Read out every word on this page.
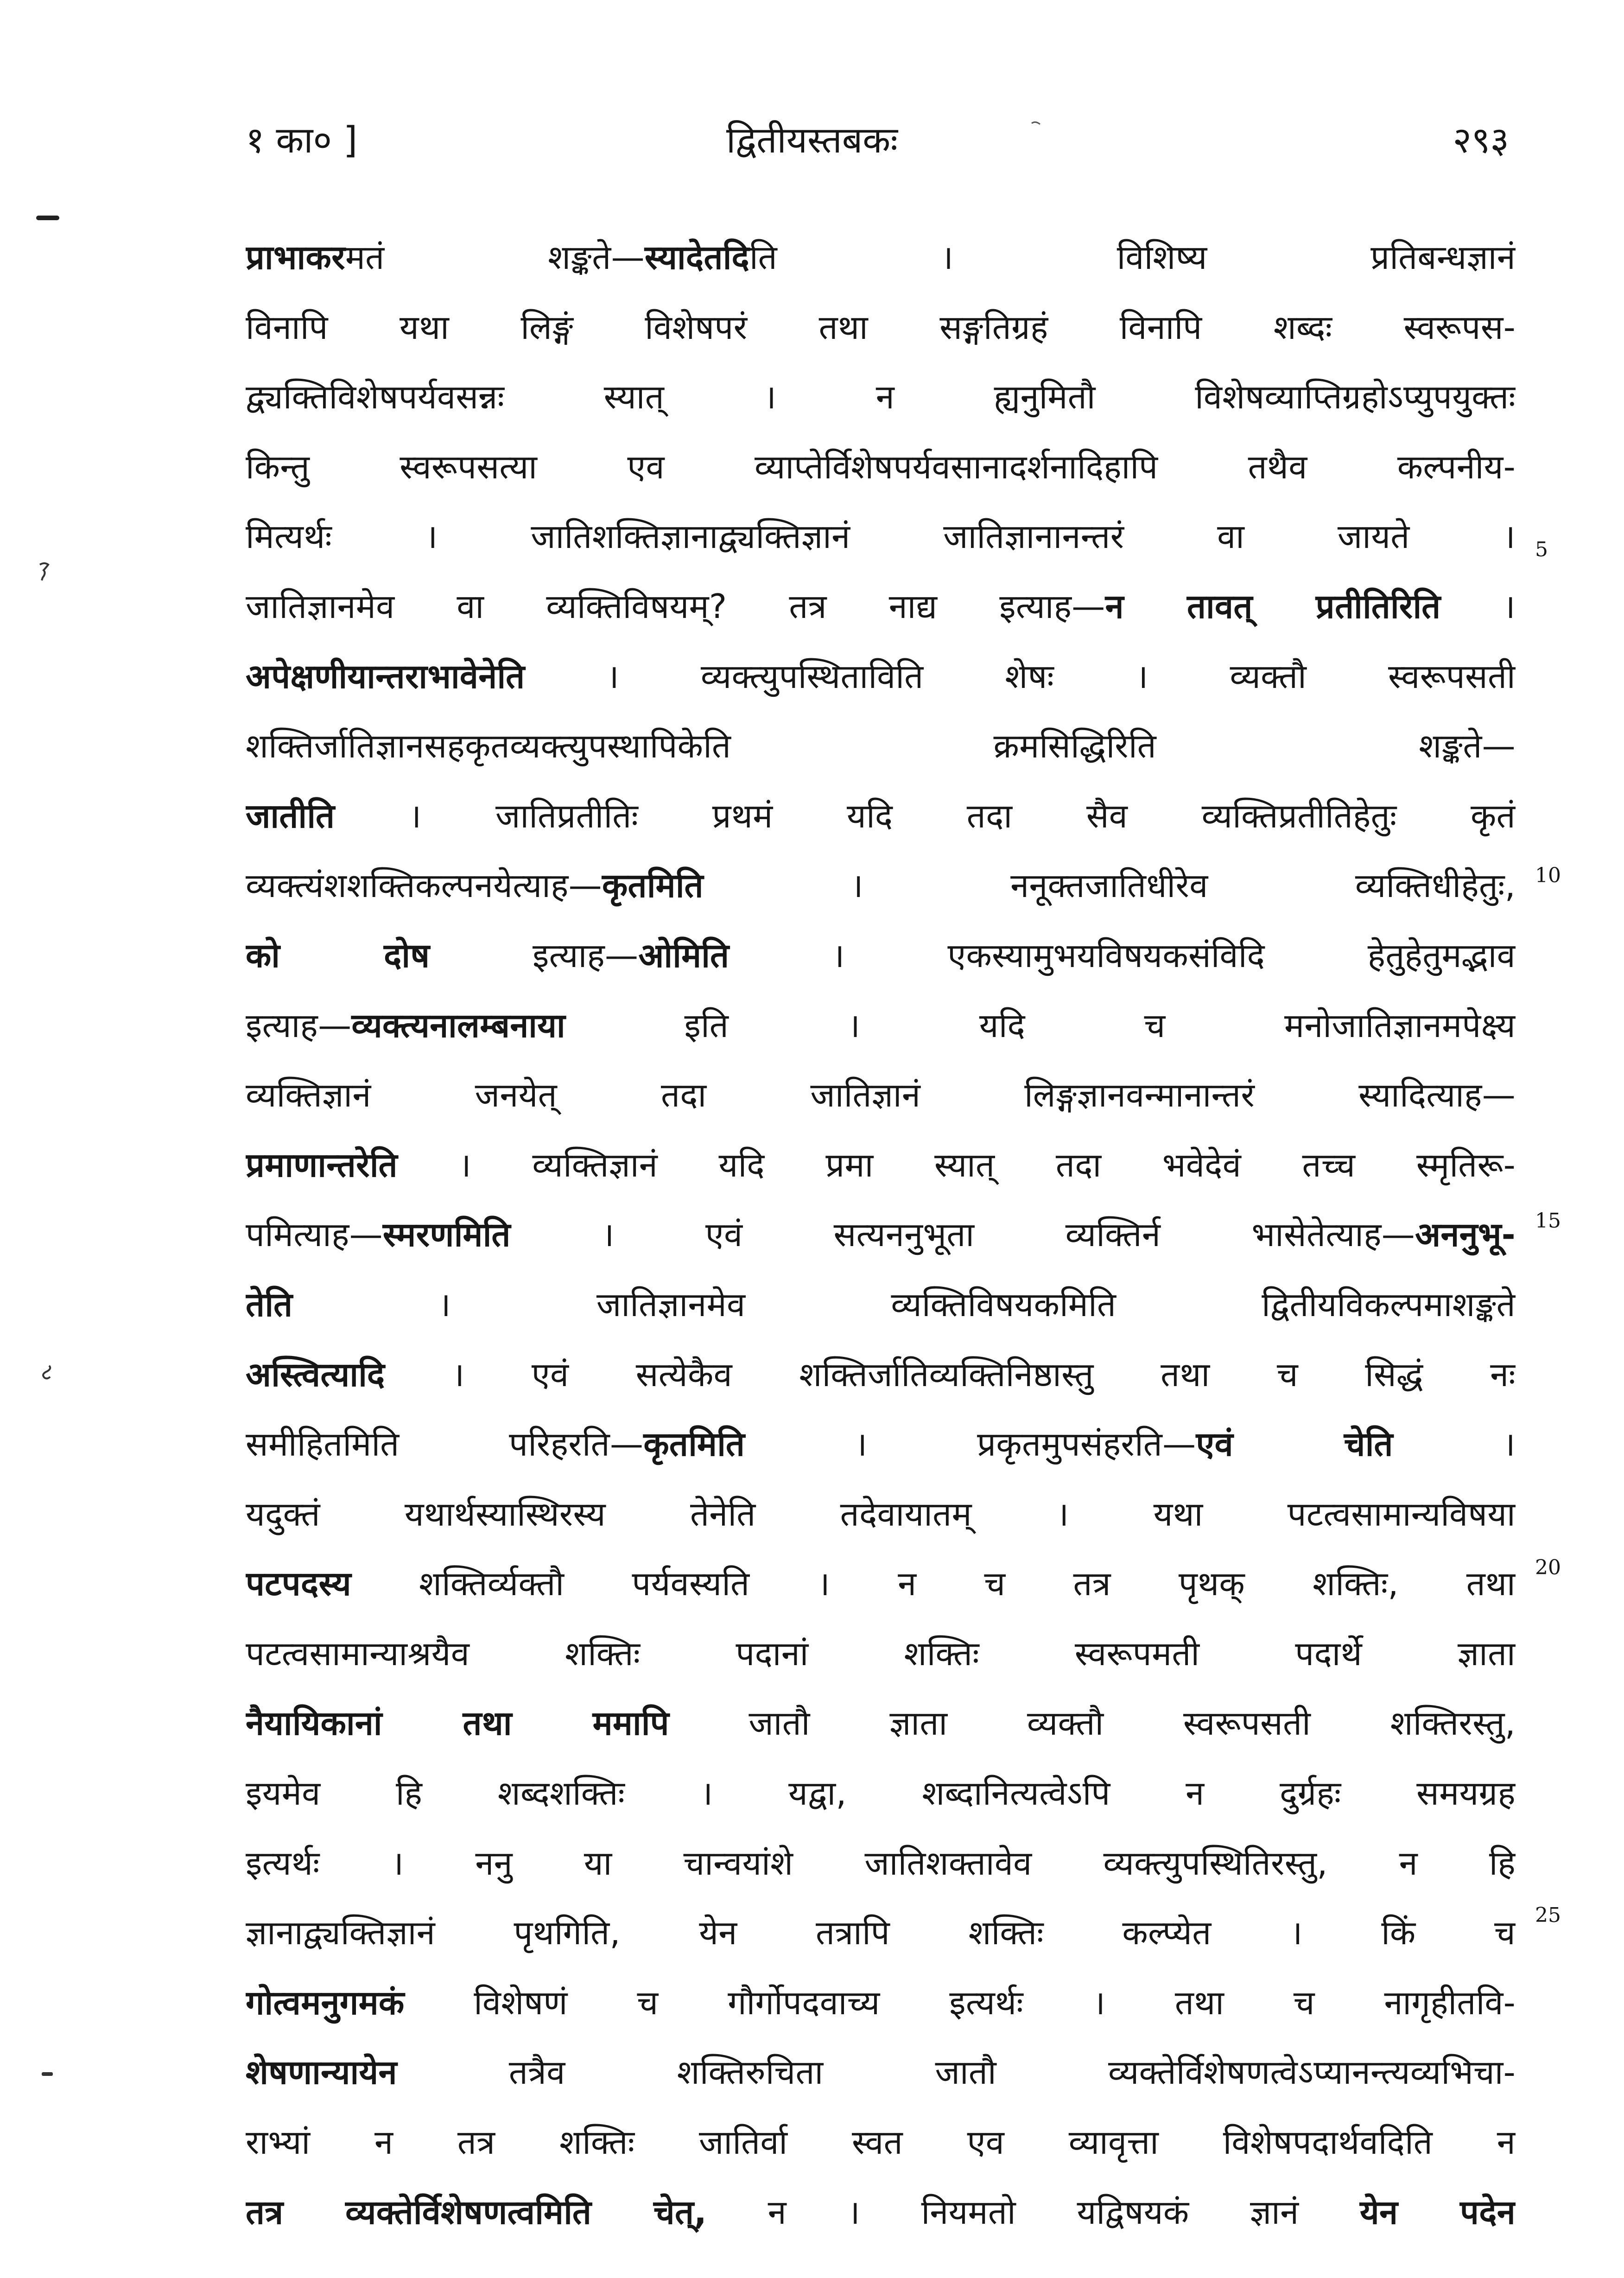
१ का० ]	द्वितीयस्तबकः	२९३
प्राभाकरमतं शङ्कते—स्यादेतदिति । विशिष्य प्रतिबन्धज्ञानं
विनापि यथा लिङ्गं विशेषपरं तथा सङ्गतिग्रहं विनापि शब्दः स्वरूपस-
द्व्यक्तिविशेषपर्यवसन्नः स्यात् । न ह्यनुमितौ विशेषव्याप्तिग्रहोऽप्युपयुक्तः
किन्तु स्वरूपसत्या एव व्याप्तेर्विशेषपर्यवसानादर्शनादिहापि तथैव कल्पनीय-
मित्यर्थः । जातिशक्तिज्ञानाद्व्यक्तिज्ञानं जातिज्ञानानन्तरं वा जायते ।
जातिज्ञानमेव वा व्यक्तिविषयम्? तत्र नाद्य इत्याह—न तावत् प्रतीतिरिति ।
अपेक्षणीयान्तराभावेनेति । व्यक्त्युपस्थिताविति शेषः । व्यक्तौ स्वरूपसती
शक्तिर्जातिज्ञानसहकृतव्यक्त्युपस्थापिकेति क्रमसिद्धिरिति शङ्कते—
जातीति । जातिप्रतीतिः प्रथमं यदि तदा सैव व्यक्तिप्रतीतिहेतुः कृतं
व्यक्त्यंशशक्तिकल्पनयेत्याह—कृतमिति । ननूक्तजातिधीरेव व्यक्तिधीहेतुः,
को दोष इत्याह—ओमिति । एकस्यामुभयविषयकसंविदि हेतुहेतुमद्भाव
इत्याह—व्यक्त्यनालम्बनाया इति । यदि च मनोजातिज्ञानमपेक्ष्य
व्यक्तिज्ञानं जनयेत् तदा जातिज्ञानं लिङ्गज्ञानवन्मानान्तरं स्यादित्याह—
प्रमाणान्तरेति । व्यक्तिज्ञानं यदि प्रमा स्यात् तदा भवेदेवं तच्च स्मृतिरू-
पमित्याह—स्मरणमिति । एवं सत्यननुभूता व्यक्तिर्न भासेतेत्याह—अननुभू-
तेति । जातिज्ञानमेव व्यक्तिविषयकमिति द्वितीयविकल्पमाशङ्कते
अस्त्वित्यादि । एवं सत्येकैव शक्तिर्जातिव्यक्तिनिष्ठास्तु तथा च सिद्धं नः
समीहितमिति परिहरति—कृतमिति । प्रकृतमुपसंहरति—एवं चेति ।
यदुक्तं यथार्थस्यास्थिरस्य तेनेति तदेवायातम् । यथा पटत्वसामान्यविषया
पटपदस्य शक्तिर्व्यक्तौ पर्यवस्यति । न च तत्र पृथक् शक्तिः, तथा
पटत्वसामान्याश्रयैव शक्तिः पदानां शक्तिः स्वरूपमती पदार्थे ज्ञाता
नैयायिकानां तथा ममापि जातौ ज्ञाता व्यक्तौ स्वरूपसती शक्तिरस्तु,
इयमेव हि शब्दशक्तिः । यद्वा, शब्दानित्यत्वेऽपि न दुर्ग्रहः समयग्रह
इत्यर्थः । ननु या चान्वयांशे जातिशक्तावेव व्यक्त्युपस्थितिरस्तु, न हि
ज्ञानाद्व्यक्तिज्ञानं पृथगिति, येन तत्रापि शक्तिः कल्प्येत । किं च
गोत्वमनुगमकं विशेषणं च गौर्गोपदवाच्य इत्यर्थः । तथा च नागृहीतवि-
शेषणान्यायेन तत्रैव शक्तिरुचिता जातौ व्यक्तेर्विशेषणत्वेऽप्यानन्त्यव्यभिचा-
राभ्यां न तत्र शक्तिः जातिर्वा स्वत एव व्यावृत्ता विशेषपदार्थवदिति न
तत्र व्यक्तेर्विशेषणत्वमिति चेत्, न । नियमतो यद्विषयकं ज्ञानं येन पदेन
5
10
15
20
25
